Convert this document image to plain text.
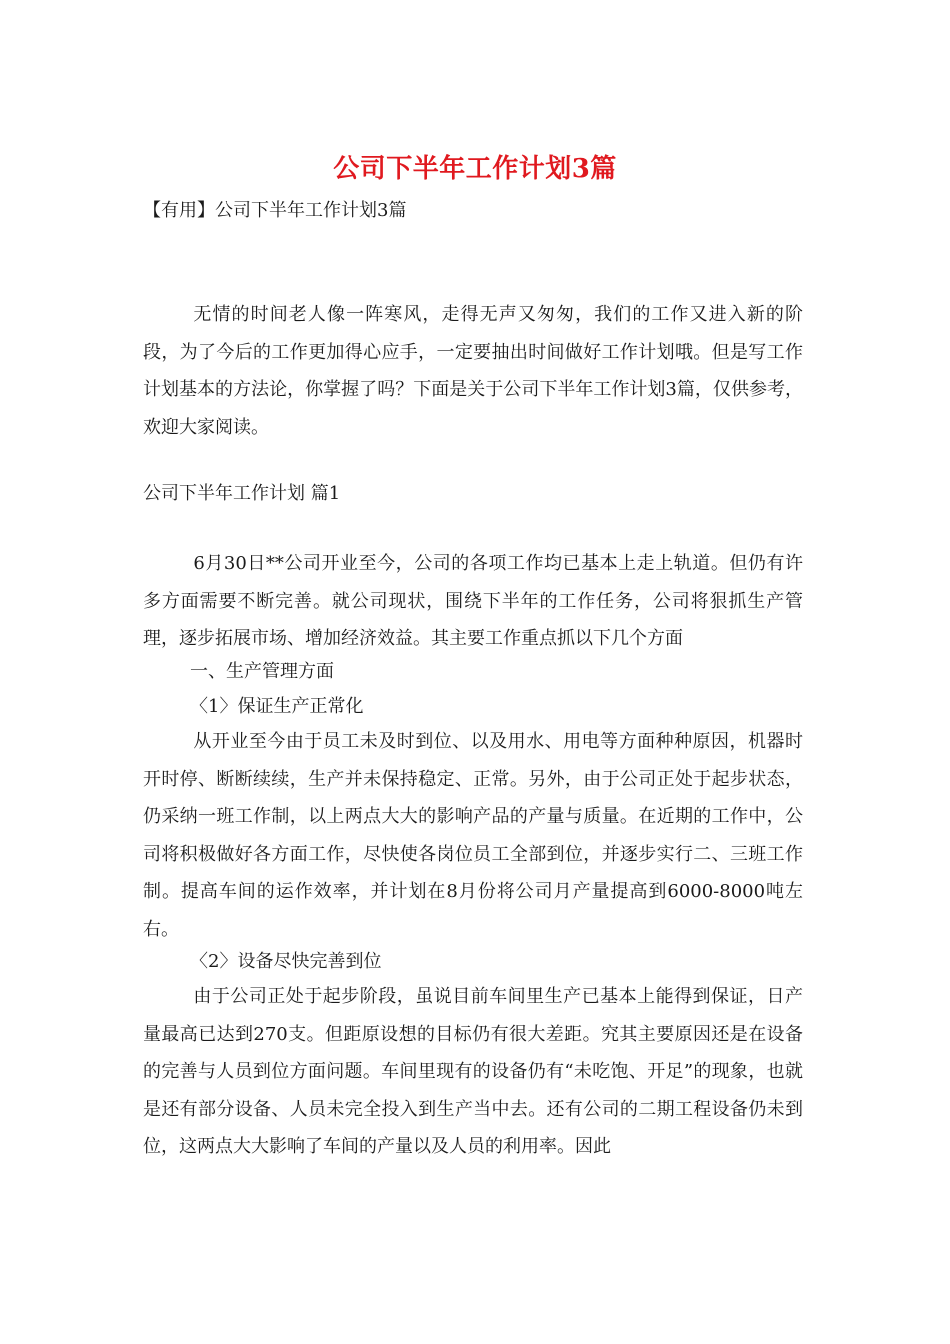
公司下半年工作计划3篇
【有用】公司下半年工作计划3篇
无情的时间老人像一阵寒风，走得无声又匆匆，我们的工作又进入新的阶段，为了今后的工作更加得心应手，一定要抽出时间做好工作计划哦。但是写工作计划基本的方法论，你掌握了吗？下面是关于公司下半年工作计划3篇，仅供参考，欢迎大家阅读。
公司下半年工作计划 篇1
6月30日**公司开业至今，公司的各项工作均已基本上走上轨道。但仍有许多方面需要不断完善。就公司现状，围绕下半年的工作任务，公司将狠抓生产管理，逐步拓展市场、增加经济效益。其主要工作重点抓以下几个方面
一、生产管理方面
〈1〉保证生产正常化
从开业至今由于员工未及时到位、以及用水、用电等方面种种原因，机器时开时停、断断续续，生产并未保持稳定、正常。另外，由于公司正处于起步状态，仍采纳一班工作制，以上两点大大的影响产品的产量与质量。在近期的工作中，公司将积极做好各方面工作，尽快使各岗位员工全部到位，并逐步实行二、三班工作制。提高车间的运作效率，并计划在8月份将公司月产量提高到6000-8000吨左右。
〈2〉设备尽快完善到位
由于公司正处于起步阶段，虽说目前车间里生产已基本上能得到保证，日产量最高已达到270支。但距原设想的目标仍有很大差距。究其主要原因还是在设备的完善与人员到位方面问题。车间里现有的设备仍有“未吃饱、开足”的现象，也就是还有部分设备、人员未完全投入到生产当中去。还有公司的二期工程设备仍未到位，这两点大大影响了车间的产量以及人员的利用率。因此
